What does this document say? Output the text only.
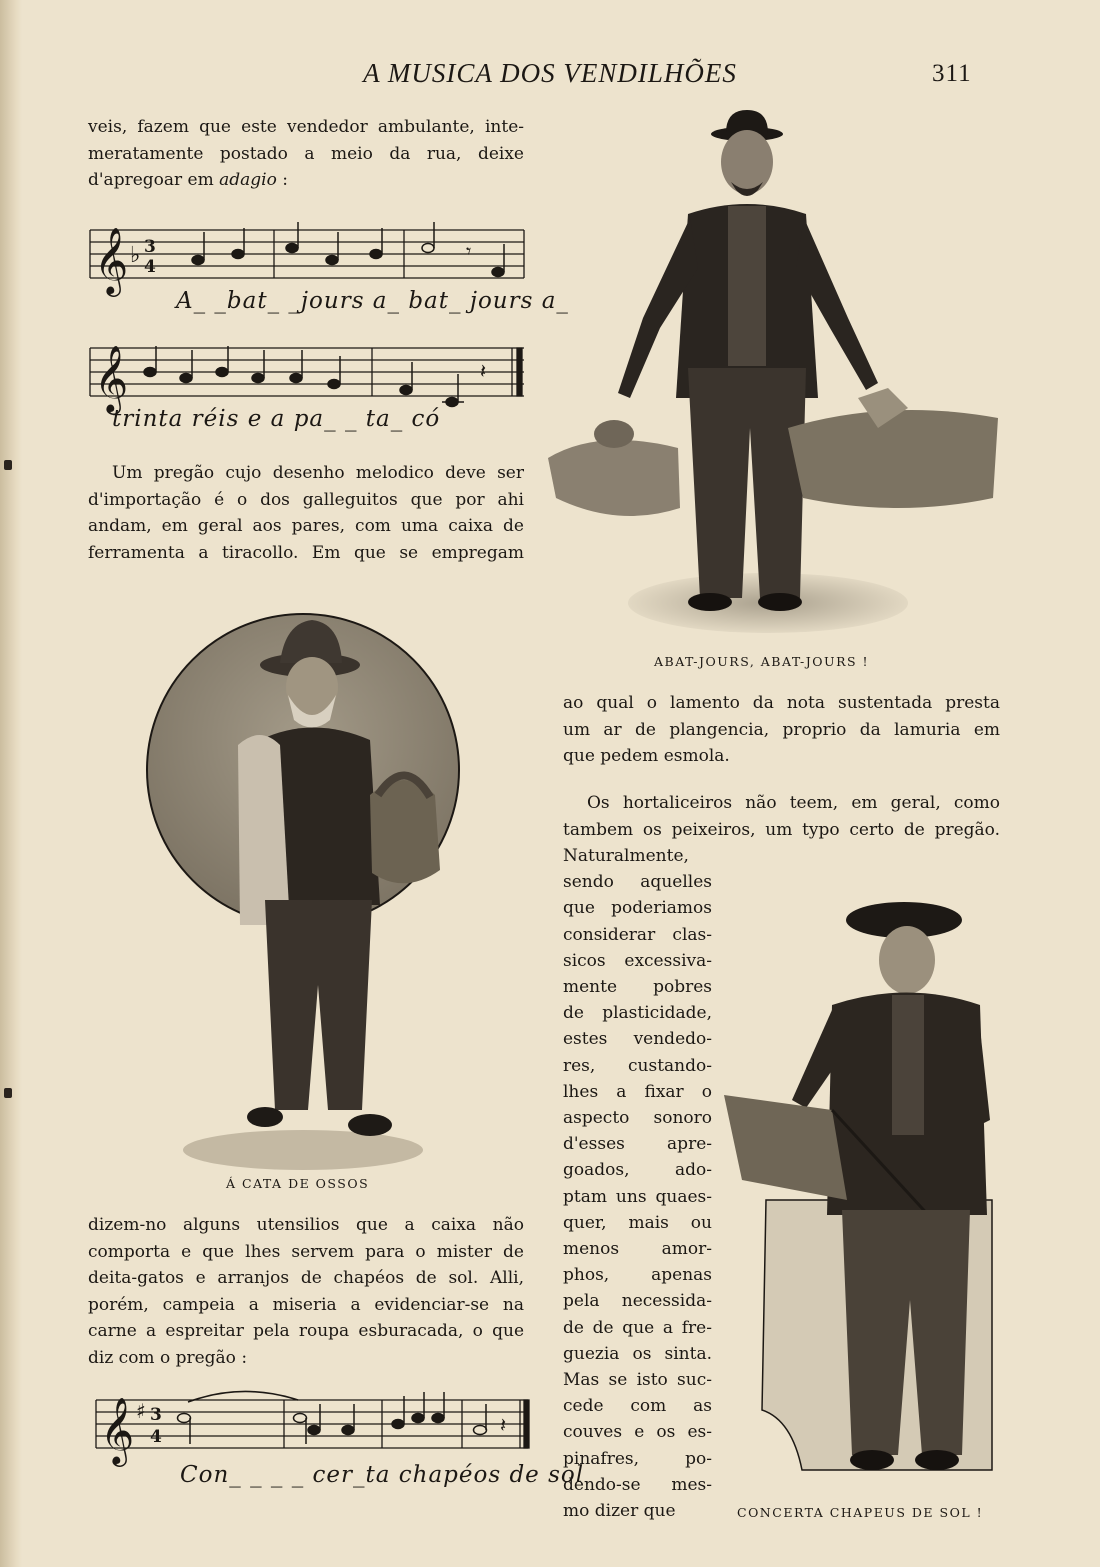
A MUSICA DOS VENDILHÕES	311

veis, fazem que este vendedor ambulante, inte-

meratamente postado a meio da rua, deixe

d'apregoar em adagio :

𝄞 ♭ 3
4
𝄾
A_ _bat_ _jours a_ bat_ jours a_
𝄞	𝄽
trinta réis e a pa_ _ ta_ có

Um pregão cujo desenho melodico deve ser

d'importação é o dos galleguitos que por ahi

andam, em geral aos pares, com uma caixa de

ferramenta a tiracollo. Em que se empregam

ABAT-JOURS, ABAT-JOURS !

ao qual o lamento da nota sustentada presta

um ar de plangencia, proprio da lamuria em

que pedem esmola.

Os hortaliceiros não teem, em geral, como

tambem os peixeiros, um typo certo de pregão.

Naturalmente,

sendo aquelles

que poderiamos

considerar clas-

sicos excessiva-

mente pobres

de plasticidade,

estes vendedo-

res, custando-

lhes a fixar o

aspecto sonoro

d'esses apre-

goados, ado-

ptam uns quaes-

quer, mais ou

menos amor-

phos, apenas

pela necessida-

de de que a fre-

guezia os sinta.

Mas se isto suc-

cede com as

couves e os es-

pinafres, po-

dendo-se mes-

mo dizer que

Á CATA DE OSSOS

dizem-no alguns utensilios que a caixa não

comporta e que lhes servem para o mister de

deita-gatos e arranjos de chapéos de sol. Alli,

porém, campeia a miseria a evidenciar-se na

carne a espreitar pela roupa esburacada, o que

diz com o pregão :

𝄞 ♯ 3
4	𝄽
Con_ _ _ _ cer_ta chapéos de sol
CONCERTA CHAPEUS DE SOL !
